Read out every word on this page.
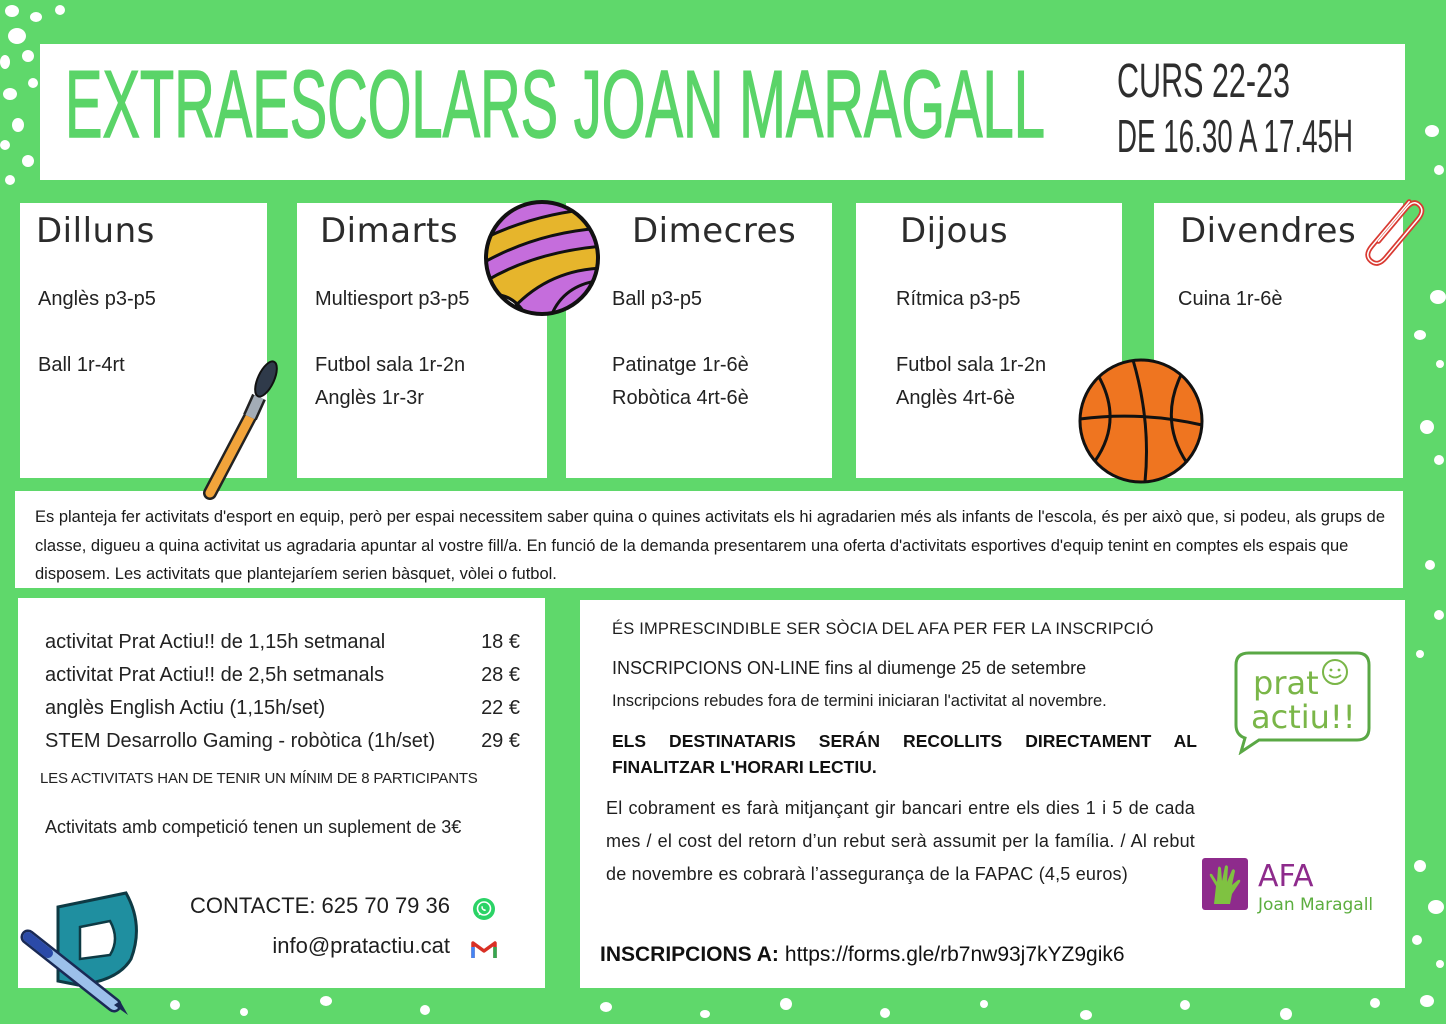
EXTRAESCOLARS JOAN MARAGALL CURS 22-23
DE 16.30 A 17.45H
Dilluns
Anglès p3-p5
Ball 1r-4rt
Dimarts
Multiesport p3-p5
Futbol sala 1r-2n
Anglès 1r-3r
Dimecres
Ball p3-p5
Patinatge 1r-6è
Robòtica 4rt-6è
Dijous
Rítmica p3-p5
Futbol sala 1r-2n
Anglès 4rt-6è
Divendres
Cuina 1r-6è

Es planteja fer activitats d'esport en equip, però per espai necessitem saber quina o quines activitats els hi agradarien més als infants de l'escola, és per això que, si podeu, als grups de classe, digueu a quina activitat us agradaria apuntar al vostre fill/a. En funció de la demanda presentarem una oferta d'activitats esportives d'equip tenint en comptes els espais que disposem. Les activitats que plantejaríem serien bàsquet, vòlei o futbol.

activitat Prat Actiu!! de 1,15h setmanal	18 €
activitat Prat Actiu!! de 2,5h setmanals	28 €
anglès English Actiu (1,15h/set)	22 €
STEM Desarrollo Gaming - robòtica (1h/set) 29 €
LES ACTIVITATS HAN DE TENIR UN MÍNIM DE 8 PARTICIPANTS
Activitats amb competició tenen un suplement de 3€
CONTACTE: 625 70 79 36
info@pratactiu.cat
ÉS IMPRESCINDIBLE SER SÒCIA DEL AFA PER FER LA INSCRIPCIÓ
INSCRIPCIONS ON-LINE fins al diumenge 25 de setembre
Inscripcions rebudes fora de termini iniciaran l'activitat al novembre.
ELS DESTINATARIS SERÁN RECOLLITS DIRECTAMENT AL FINALITZAR L'HORARI LECTIU.
El cobrament es farà mitjançant gir bancari entre els dies 1 i 5 de cada mes / el cost del retorn d’un rebut serà assumit per la família. / Al rebut de novembre es cobrarà l’assegurança de la FAPAC (4,5 euros)
INSCRIPCIONS A: https://forms.gle/rb7nw93j7kYZ9gik6
prat
actiu!!
AFA
Joan Maragall
